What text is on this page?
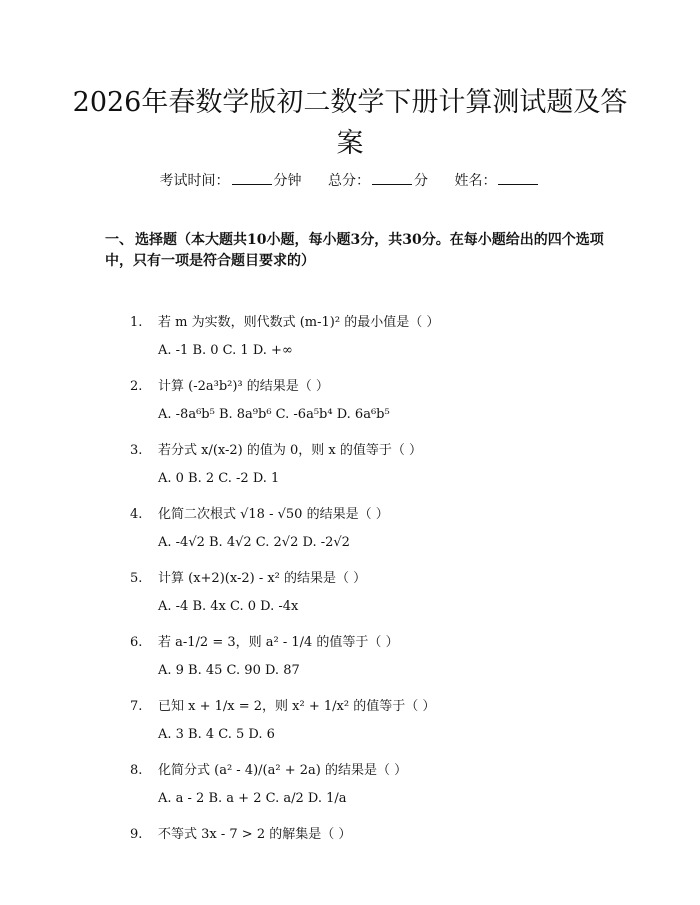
2026年春数学版初二数学下册计算测试题及答案
考试时间：	分钟 总分：	分 姓名：
一、 选择题（本大题共10小题，每小题3分，共30分。在每小题给出的四个选项中，只有一项是符合题目要求的）
1. 若 m 为实数，则代数式 (m-1)² 的最小值是（ ）
A. -1 B. 0 C. 1 D. +∞
2. 计算 (-2a³b²)³ 的结果是（ ）
A. -8a⁶b⁵ B. 8a⁹b⁶ C. -6a⁵b⁴ D. 6a⁶b⁵
3. 若分式 x/(x-2) 的值为 0，则 x 的值等于（ ）
A. 0 B. 2 C. -2 D. 1
4. 化简二次根式 √18 - √50 的结果是（ ）
A. -4√2 B. 4√2 C. 2√2 D. -2√2
5. 计算 (x+2)(x-2) - x² 的结果是（ ）
A. -4 B. 4x C. 0 D. -4x
6. 若 a-1/2 = 3，则 a² - 1/4 的值等于（ ）
A. 9 B. 45 C. 90 D. 87
7. 已知 x + 1/x = 2，则 x² + 1/x² 的值等于（ ）
A. 3 B. 4 C. 5 D. 6
8. 化简分式 (a² - 4)/(a² + 2a) 的结果是（ ）
A. a - 2 B. a + 2 C. a/2 D. 1/a
9. 不等式 3x - 7 > 2 的解集是（ ）
